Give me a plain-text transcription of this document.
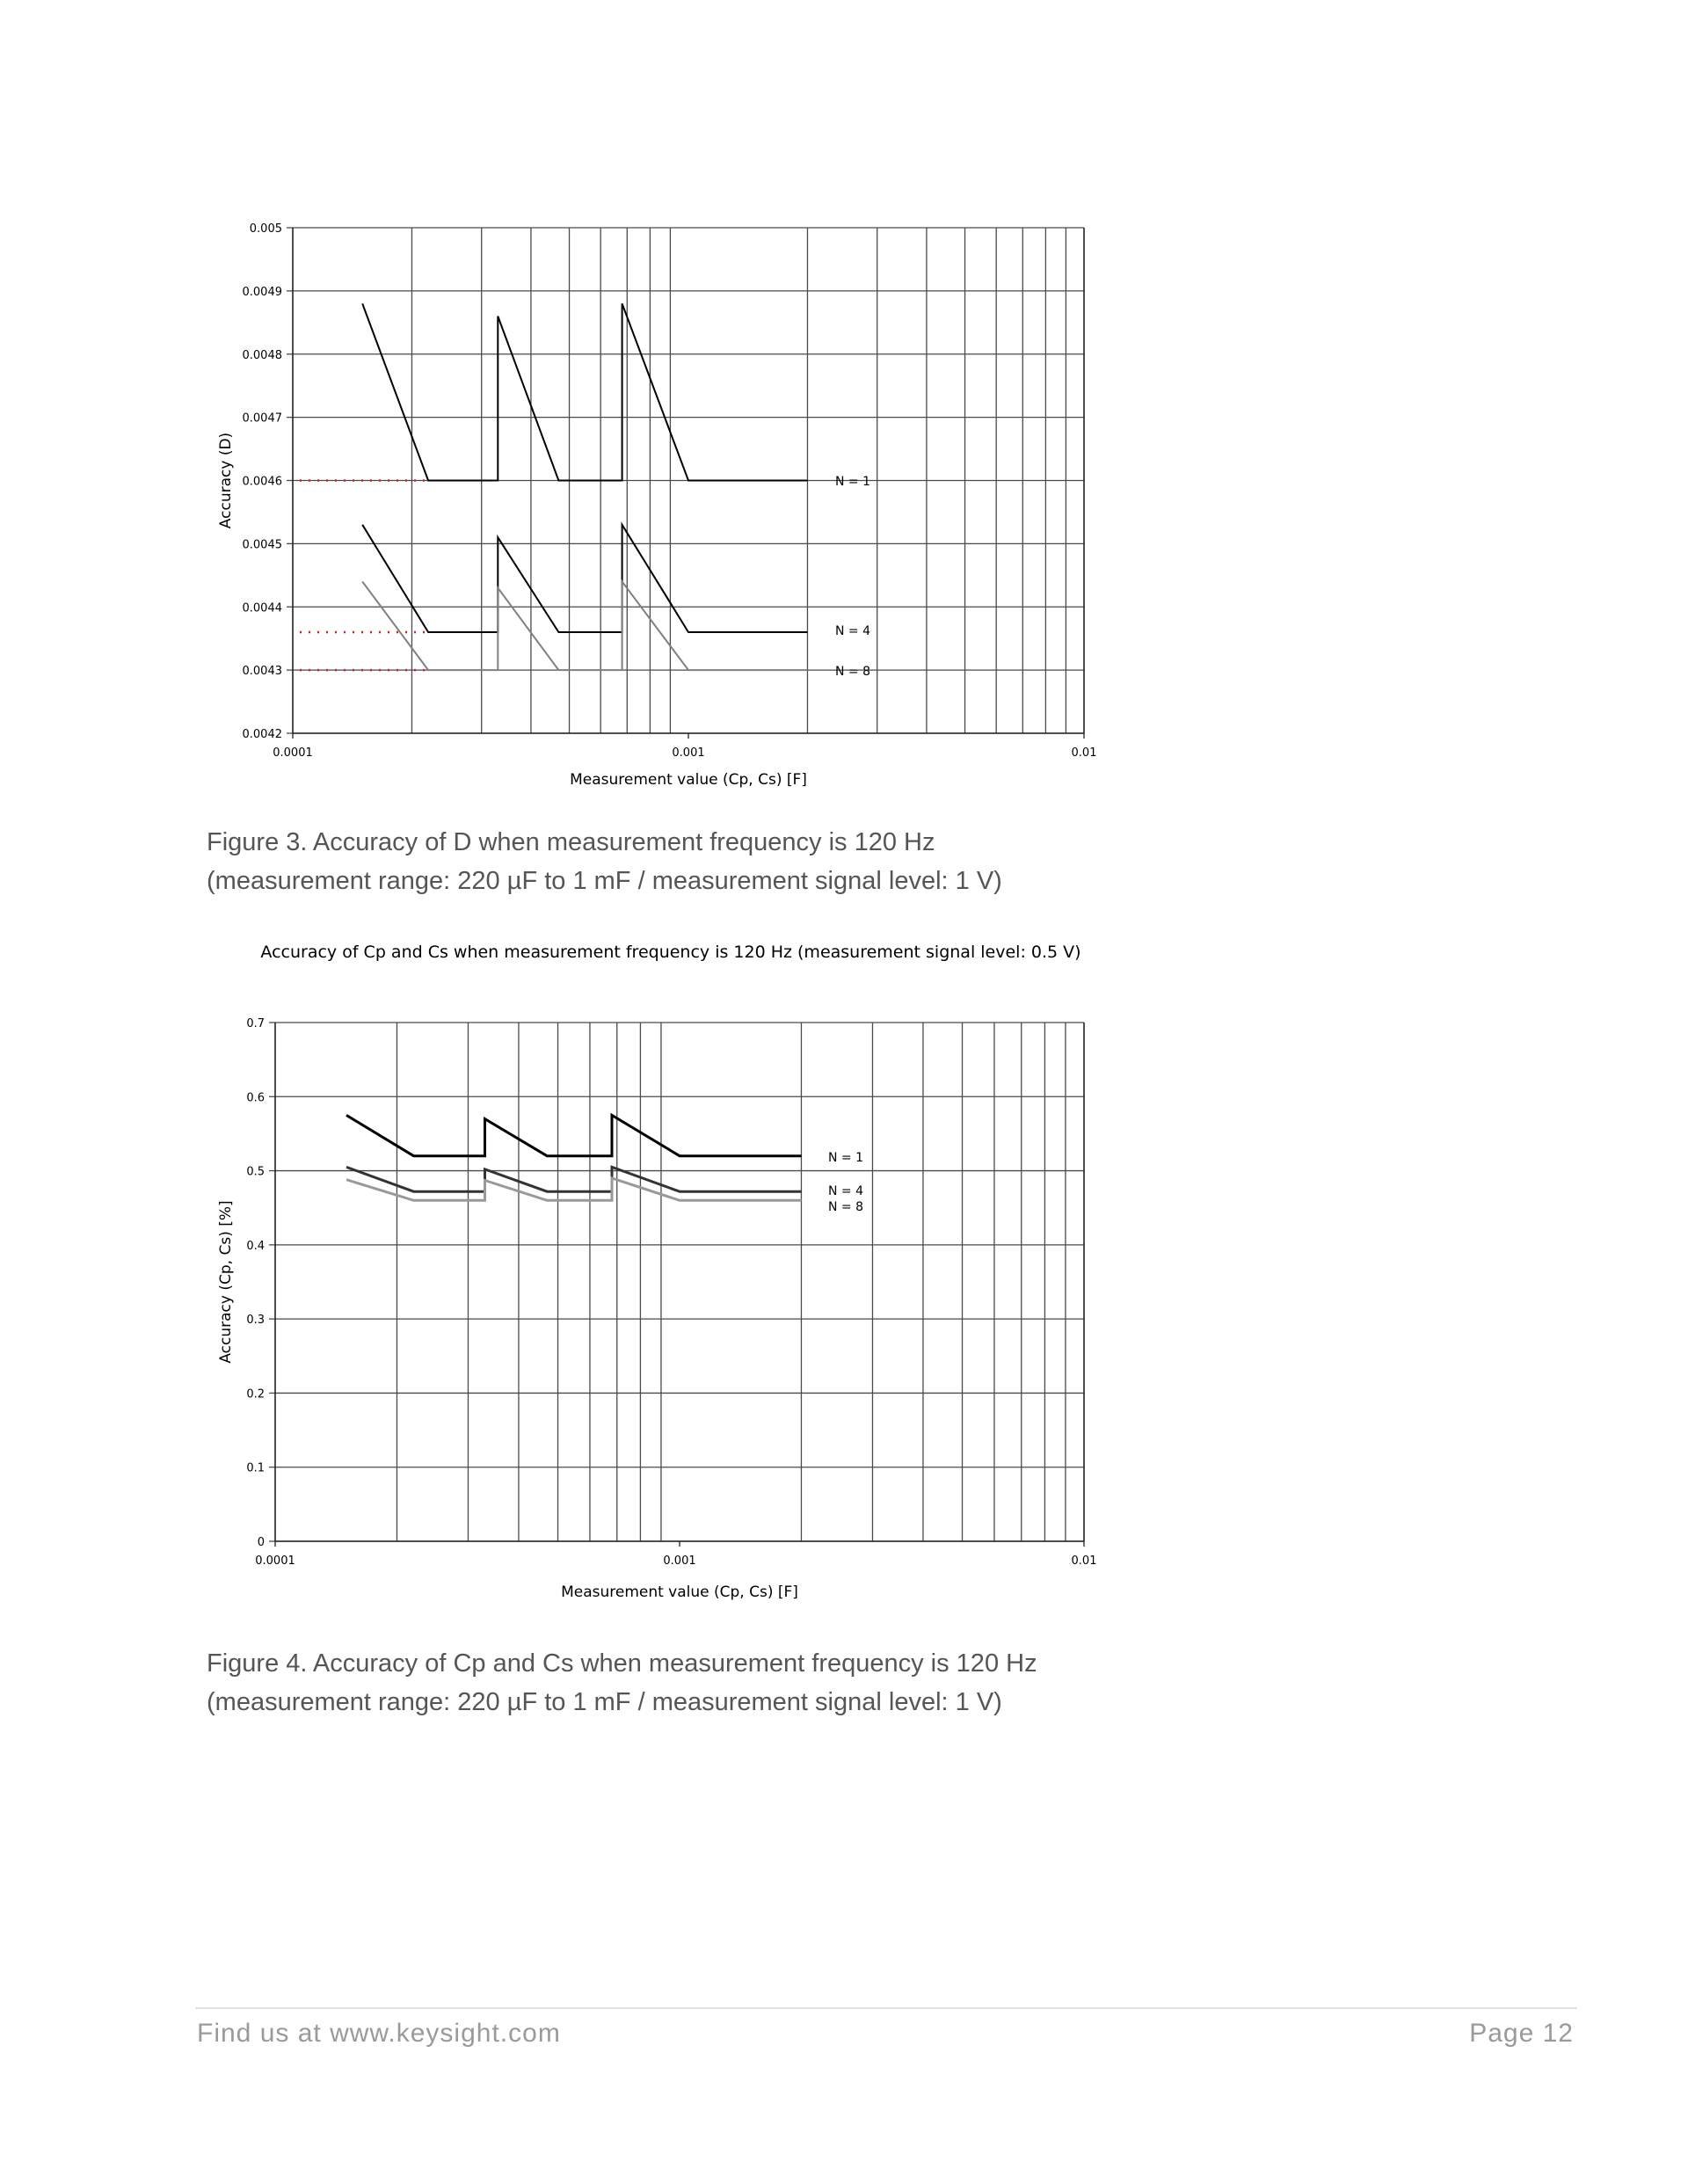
0.0042
0.0043
0.0044
0.0045
0.0046
0.0047
0.0048
0.0049
0.005
0.0001	0.001	0.01
Measurement value (Cp, Cs) [F]
Accuracy (D)	N = 1
N = 4
N = 8
Figure 3. Accuracy of D when measurement frequency is 120 Hz
(measurement range: 220 µF to 1 mF / measurement signal level: 1 V)
Accuracy of Cp and Cs when measurement frequency is 120 Hz (measurement signal level: 0.5 V)
0
0.1
0.2
0.3
0.4
0.5
0.6
0.7
0.0001	0.001	0.01
Measurement value (Cp, Cs) [F]
Accuracy (Cp, Cs) [%]
N = 1
N = 4
N = 8
Figure 4. Accuracy of Cp and Cs when measurement frequency is 120 Hz
(measurement range: 220 µF to 1 mF / measurement signal level: 1 V)
Find us at www.keysight.com	Page 12
